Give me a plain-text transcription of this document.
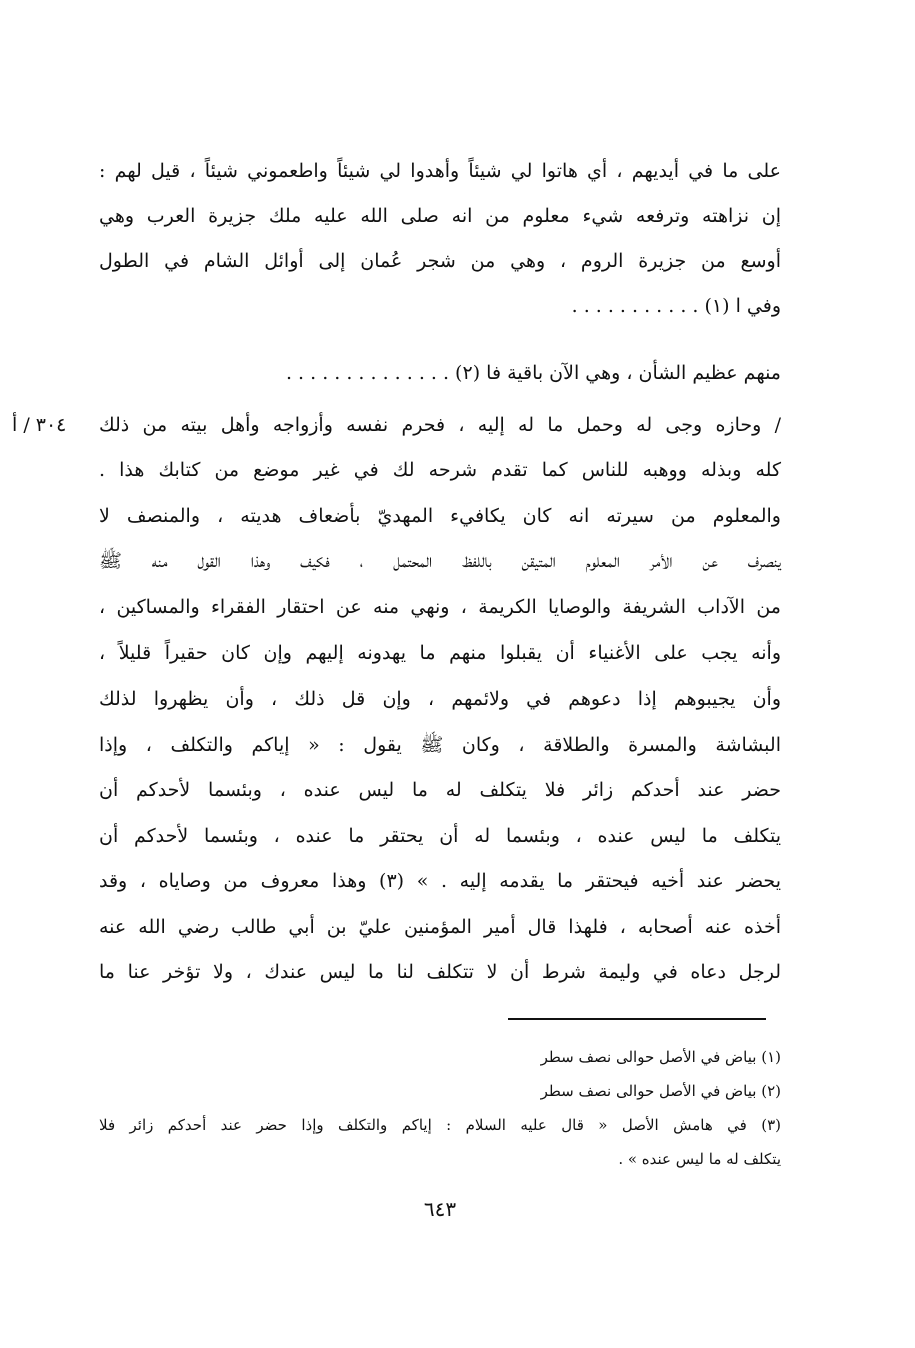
على ما في أيديهم ، أي هاتوا لي شيئاً وأهدوا لي شيئاً واطعموني شيئاً ، قيل لهم :
إن نزاهته وترفعه شيء معلوم من انه صلى الله عليه ملك جزيرة العرب وهي
أوسع من جزيرة الروم ، وهي من شجر عُمان إلى أوائل الشام في الطول
وفي ا (١) . . . . . . . . . . .
منهم عظيم الشأن ، وهي الآن باقية فا (٢) . . . . . . . . . . . . . .
/ وحازه وجى له وحمل ما له إليه ، فحرم نفسه وأزواجه وأهل بيته من ذلك
كله وبذله ووهبه للناس كما تقدم شرحه لك في غير موضع من كتابك هذا .
والمعلوم من سيرته انه كان يكافيء المهديّ بأضعاف هديته ، والمنصف لا
ينصرف عن الأمر المعلوم المتيقن باللفظ المحتمل ، فكيف وهذا القول منه ﷺ
من الآداب الشريفة والوصايا الكريمة ، ونهي منه عن احتقار الفقراء والمساكين ،
وأنه يجب على الأغنياء أن يقبلوا منهم ما يهدونه إليهم وإن كان حقيراً قليلاً ،
وأن يجيبوهم إذا دعوهم في ولائمهم ، وإن قل ذلك ، وأن يظهروا لذلك
البشاشة والمسرة والطلاقة ، وكان ﷺ يقول : « إياكم والتكلف ، وإذا
حضر عند أحدكم زائر فلا يتكلف له ما ليس عنده ، وبئسما لأحدكم أن
يتكلف ما ليس عنده ، وبئسما له أن يحتقر ما عنده ، وبئسما لأحدكم أن
يحضر عند أخيه فيحتقر ما يقدمه إليه . » (٣) وهذا معروف من وصاياه ، وقد
أخذه عنه أصحابه ، فلهذا قال أمير المؤمنين عليّ بن أبي طالب رضي الله عنه
لرجل دعاه في وليمة شرط أن لا تتكلف لنا ما ليس عندك ، ولا تؤخر عنا ما
٣٠٤ / أ
(١) بياض في الأصل حوالى نصف سطر
(٢) بياض في الأصل حوالى نصف سطر
(٣) في هامش الأصل « قال عليه السلام : إياكم والتكلف وإذا حضر عند أحدكم زائر فلا
يتكلف له ما ليس عنده » .
٦٤٣
